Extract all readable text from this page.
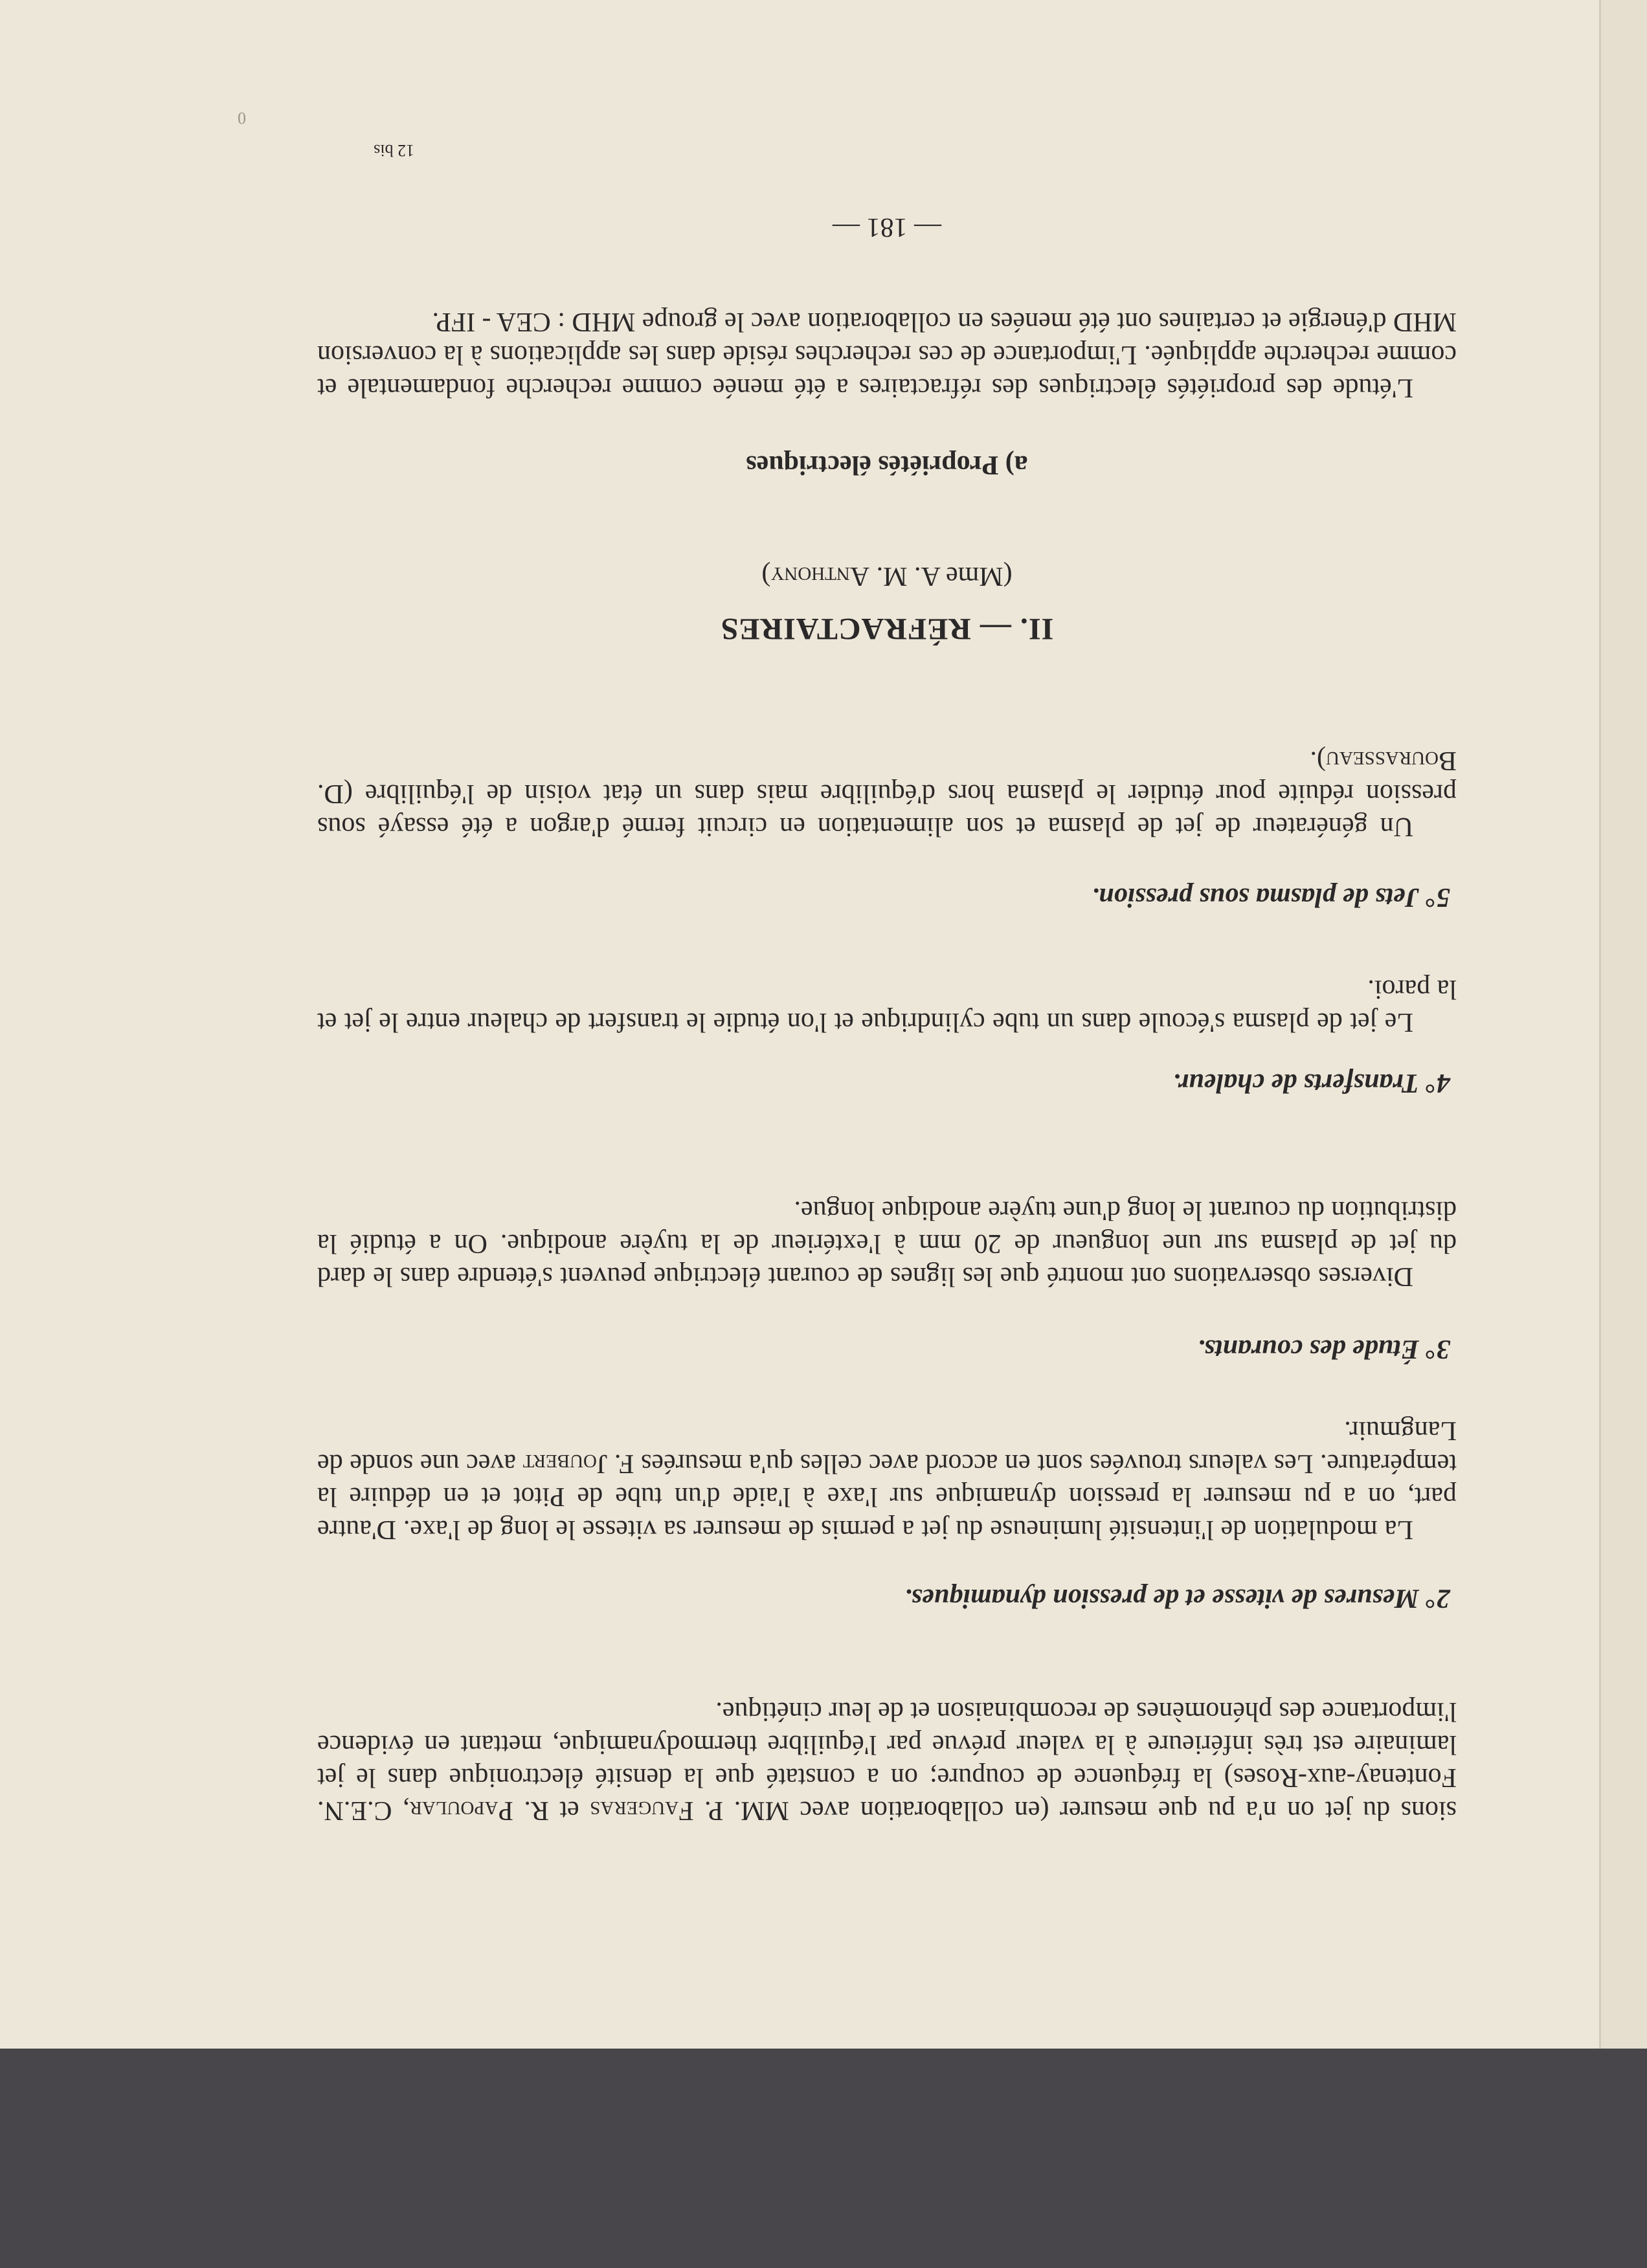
sions du jet on n'a pu que mesurer (en collaboration avec MM. P. Faugeras et R. Papoular, C.E.N. Fontenay-aux-Roses) la fréquence de coupure; on a constaté que la densité électronique dans le jet laminaire est très inférieure à la valeur prévue par l'équilibre thermodynamique, mettant en évidence l'importance des phénomènes de recombinaison et de leur cinétique.
2° Mesures de vitesse et de pression dynamiques.
La modulation de l'intensité lumineuse du jet a permis de mesurer sa vitesse le long de l'axe. D'autre part, on a pu mesurer la pression dynamique sur l'axe à l'aide d'un tube de Pitot et en déduire la température. Les valeurs trouvées sont en accord avec celles qu'a mesurées F. Joubert avec une sonde de Langmuir.
3° Étude des courants.
Diverses observations ont montré que les lignes de courant électrique peuvent s'étendre dans le dard du jet de plasma sur une longueur de 20 mm à l'extérieur de la tuyère anodique. On a étudié la distribution du courant le long d'une tuyère anodique longue.
4° Transferts de chaleur.
Le jet de plasma s'écoule dans un tube cylindrique et l'on étudie le transfert de chaleur entre le jet et la paroi.
5° Jets de plasma sous pression.
Un générateur de jet de plasma et son alimentation en circuit fermé d'argon a été essayé sous pression réduite pour étudier le plasma hors d'équilibre mais dans un état voisin de l'équilibre (D. Bourasseau).
II. — RÉFRACTAIRES
(Mme A. M. Anthony)
a) Propriétés électriques
L'étude des propriétés électriques des réfractaires a été menée comme recherche fondamentale et comme recherche appliquée. L'importance de ces recherches réside dans les applications à la conversion MHD d'énergie et certaines ont été menées en collaboration avec le groupe MHD : CEA - IFP.
— 181 —
12 bis
0
